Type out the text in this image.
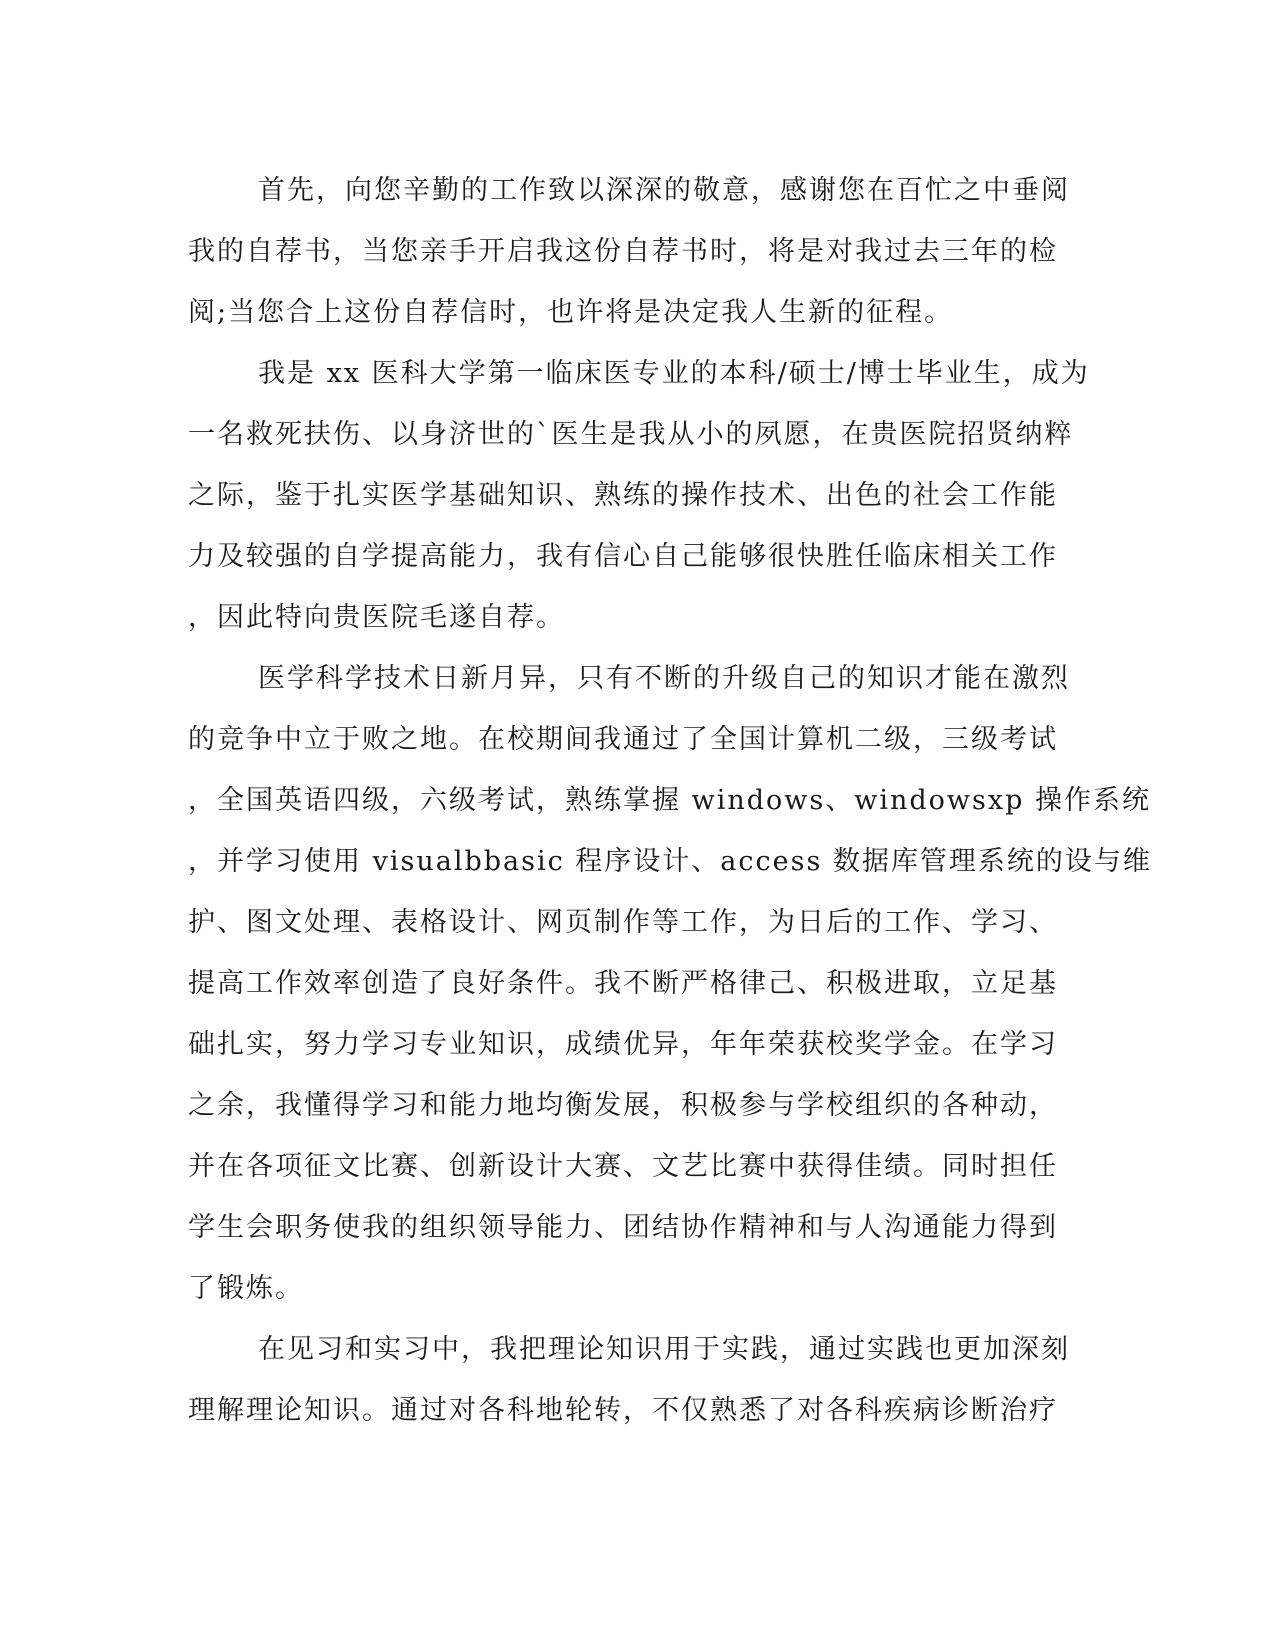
首先，向您辛勤的工作致以深深的敬意，感谢您在百忙之中垂阅
我的自荐书，当您亲手开启我这份自荐书时，将是对我过去三年的检
阅;当您合上这份自荐信时，也许将是决定我人生新的征程。
我是 xx 医科大学第一临床医专业的本科/硕士/博士毕业生，成为
一名救死扶伤、以身济世的`医生是我从小的夙愿，在贵医院招贤纳粹
之际，鉴于扎实医学基础知识、熟练的操作技术、出色的社会工作能
力及较强的自学提高能力，我有信心自己能够很快胜任临床相关工作
，因此特向贵医院毛遂自荐。
医学科学技术日新月异，只有不断的升级自己的知识才能在激烈
的竞争中立于败之地。在校期间我通过了全国计算机二级，三级考试
，全国英语四级，六级考试，熟练掌握 windows、windowsxp 操作系统
，并学习使用 visualbbasic 程序设计、access 数据库管理系统的设与维
护、图文处理、表格设计、网页制作等工作，为日后的工作、学习、
提高工作效率创造了良好条件。我不断严格律己、积极进取，立足基
础扎实，努力学习专业知识，成绩优异，年年荣获校奖学金。在学习
之余，我懂得学习和能力地均衡发展，积极参与学校组织的各种动，
并在各项征文比赛、创新设计大赛、文艺比赛中获得佳绩。同时担任
学生会职务使我的组织领导能力、团结协作精神和与人沟通能力得到
了锻炼。
在见习和实习中，我把理论知识用于实践，通过实践也更加深刻
理解理论知识。通过对各科地轮转，不仅熟悉了对各科疾病诊断治疗
